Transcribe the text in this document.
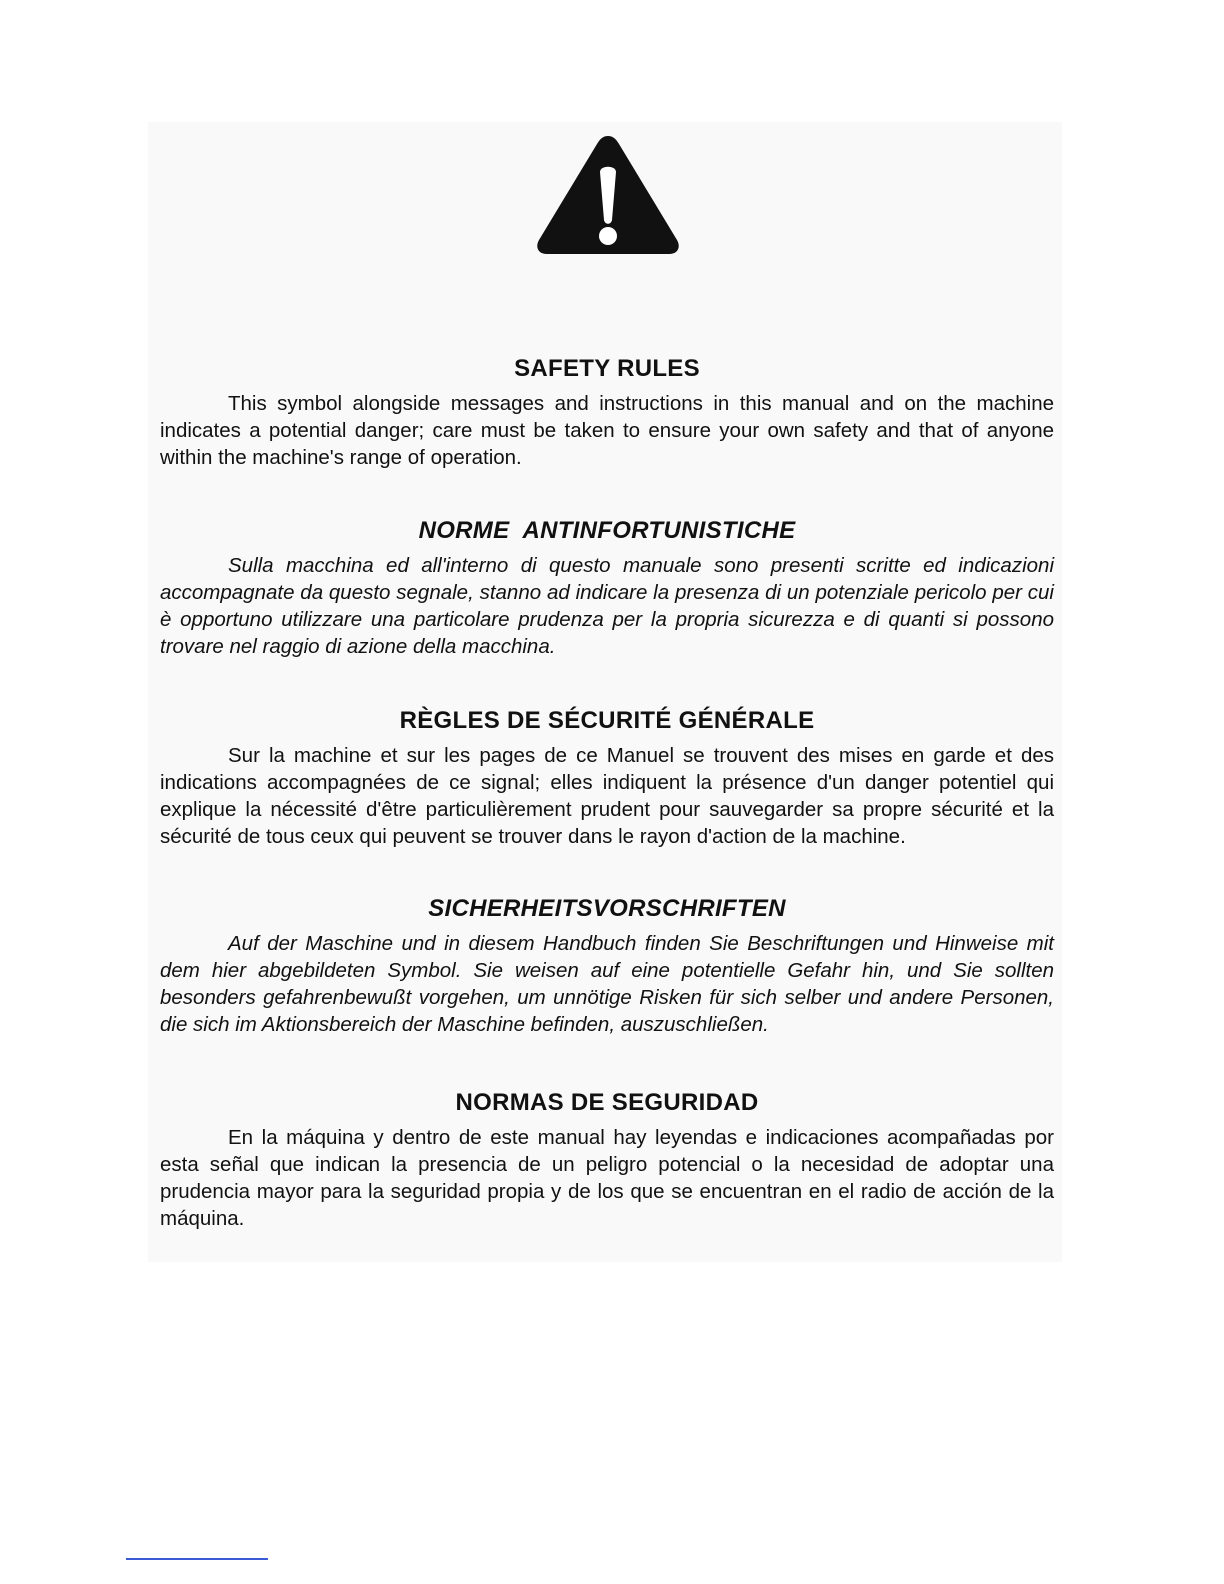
SAFETY RULES

This symbol alongside messages and instructions in this manual and on the machine indicates a potential danger; care must be taken to ensure your own safety and that of anyone within the machine's range of operation.

NORME  ANTINFORTUNISTICHE

Sulla macchina ed all'interno di questo manuale sono presenti scritte ed indicazioni accompagnate da questo segnale, stanno ad indicare la presenza di un potenziale pericolo per cui è opportuno utilizzare una particolare prudenza per la propria sicurezza e di quanti si possono trovare nel raggio di azione della macchina.

RÈGLES DE SÉCURITÉ GÉNÉRALE

Sur la machine et sur les pages de ce Manuel se trouvent des mises en garde et des indications accompagnées de ce signal; elles indiquent la présence d'un danger potentiel qui explique la nécessité d'être particulièrement prudent pour sauvegarder sa propre sécurité et la sécurité de tous ceux qui peuvent se trouver dans le rayon d'action de la machine.

SICHERHEITSVORSCHRIFTEN

Auf der Maschine und in diesem Handbuch finden Sie Beschriftungen und Hinweise mit dem hier abgebildeten Symbol. Sie weisen auf eine potentielle Gefahr hin, und Sie sollten besonders gefahrenbewußt vorgehen, um unnötige Risken für sich selber und andere Personen, die sich im Aktionsbereich der Maschine befinden, auszuschließen.

NORMAS DE SEGURIDAD

En la máquina y dentro de este manual hay leyendas e indicaciones acompañadas por esta señal que indican la presencia de un peligro potencial o la necesidad de adoptar una prudencia mayor para la seguridad propia y de los que se encuentran en el radio de acción de la máquina.
